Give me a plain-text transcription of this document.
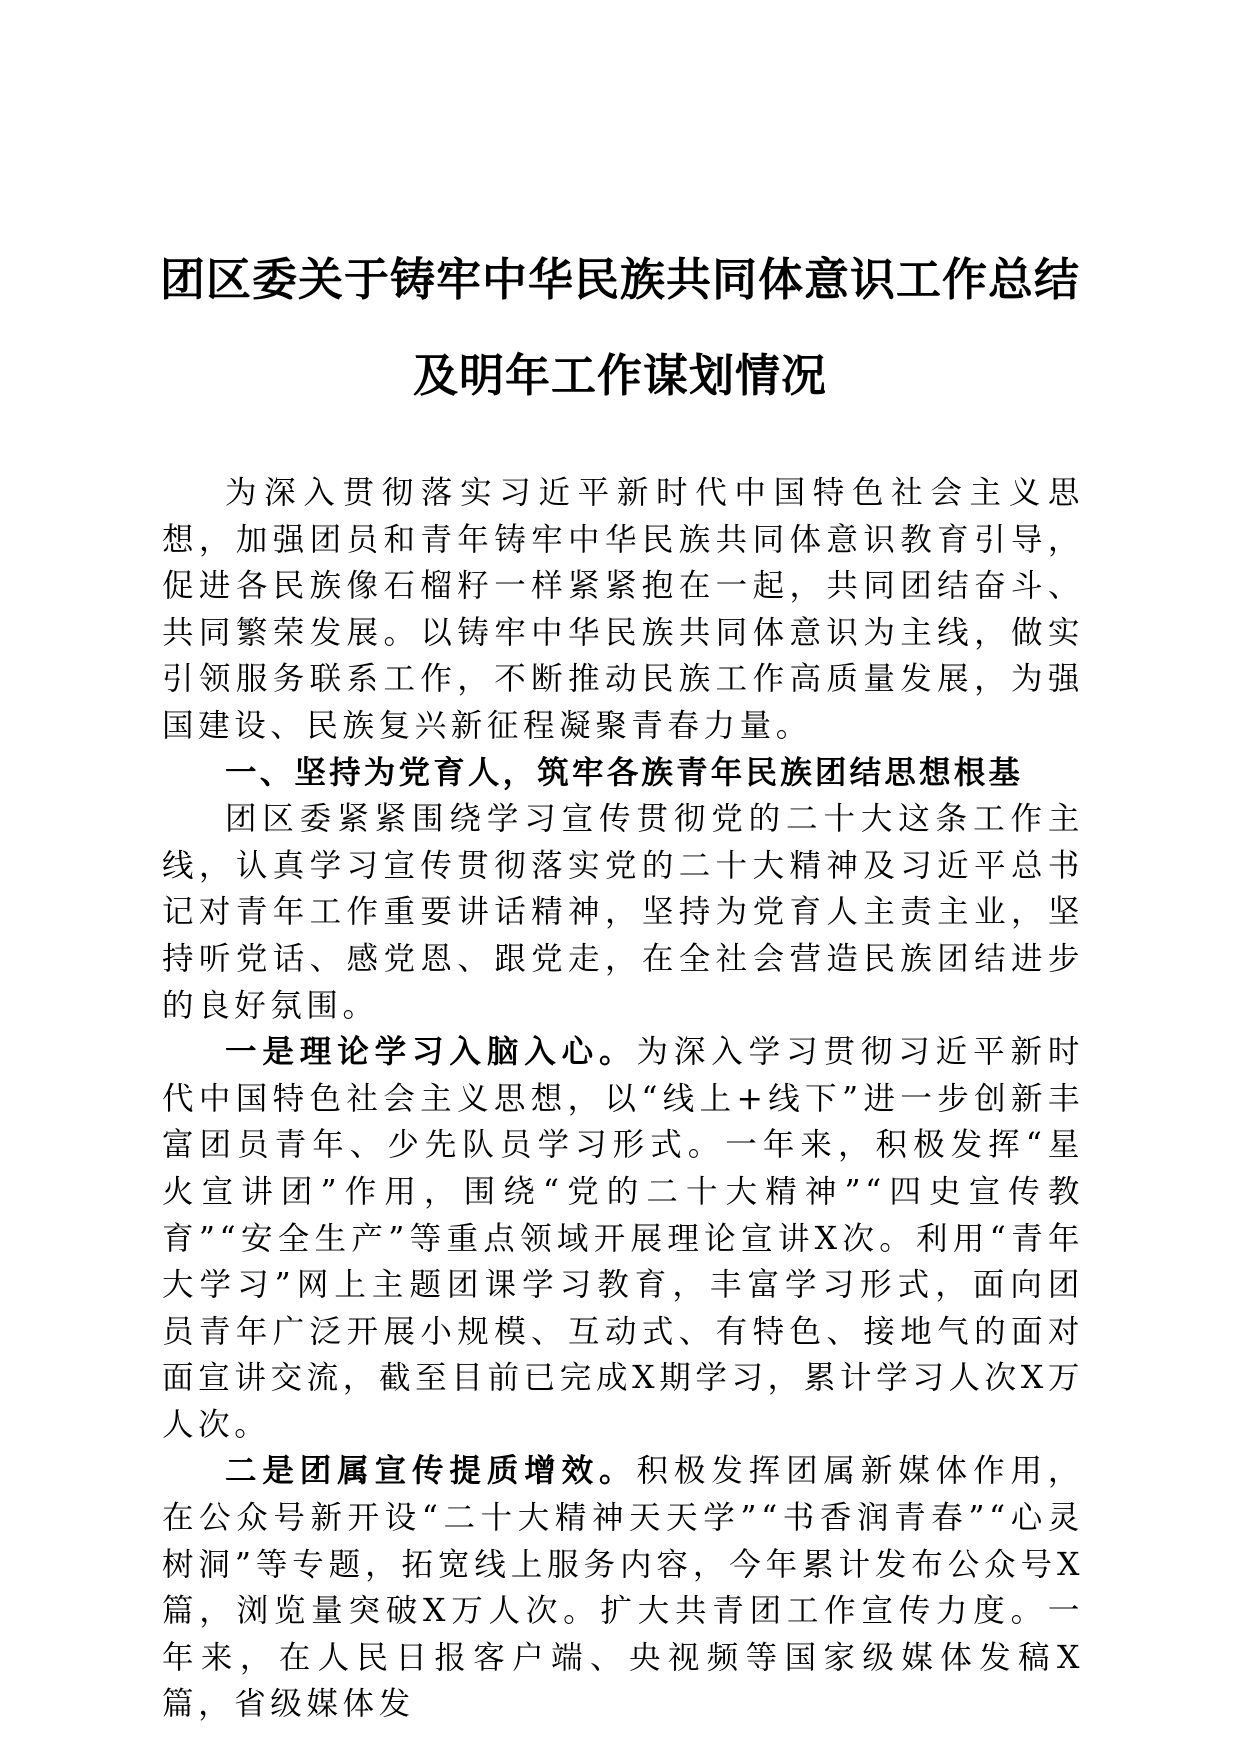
团区委关于铸牢中华民族共同体意识工作总结

及明年工作谋划情况

为深入贯彻落实习近平新时代中国特色社会主义思想，加强团员和青年铸牢中华民族共同体意识教育引导，促进各民族像石榴籽一样紧紧抱在一起，共同团结奋斗、共同繁荣发展。以铸牢中华民族共同体意识为主线，做实引领服务联系工作，不断推动民族工作高质量发展，为强国建设、民族复兴新征程凝聚青春力量。

一、坚持为党育人，筑牢各族青年民族团结思想根基

团区委紧紧围绕学习宣传贯彻党的二十大这条工作主线，认真学习宣传贯彻落实党的二十大精神及习近平总书记对青年工作重要讲话精神，坚持为党育人主责主业，坚持听党话、感党恩、跟党走，在全社会营造民族团结进步的良好氛围。

一是理论学习入脑入心。为深入学习贯彻习近平新时代中国特色社会主义思想，以“线上+线下”进一步创新丰富团员青年、少先队员学习形式。一年来，积极发挥“星火宣讲团”作用，围绕“党的二十大精神”“四史宣传教育”“安全生产”等重点领域开展理论宣讲X次。利用“青年大学习”网上主题团课学习教育，丰富学习形式，面向团员青年广泛开展小规模、互动式、有特色、接地气的面对面宣讲交流，截至目前已完成X期学习，累计学习人次X万人次。

二是团属宣传提质增效。积极发挥团属新媒体作用，在公众号新开设“二十大精神天天学”“书香润青春”“心灵树洞”等专题，拓宽线上服务内容，今年累计发布公众号X篇，浏览量突破X万人次。扩大共青团工作宣传力度。一年来，在人民日报客户端、央视频等国家级媒体发稿X篇，省级媒体发
